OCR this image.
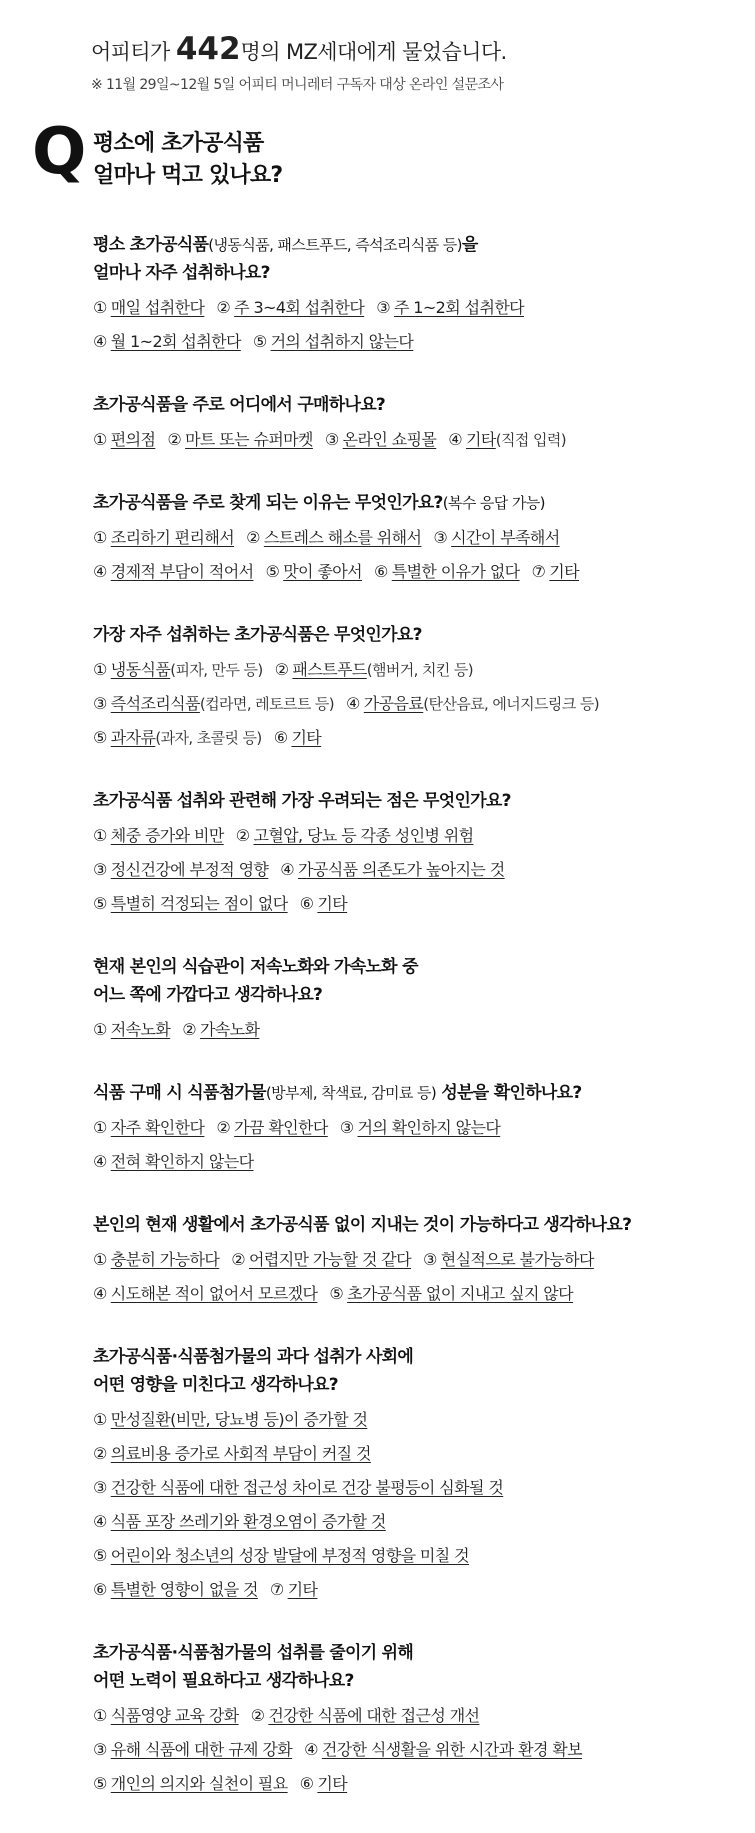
어피티가 442명의 MZ세대에게 물었습니다.
※ 11월 29일~12월 5일 어피티 머니레터 구독자 대상 온라인 설문조사
Q 평소에 초가공식품
얼마나 먹고 있나요?
평소 초가공식품(냉동식품, 패스트푸드, 즉석조리식품 등)을
얼마나 자주 섭취하나요?
① 매일 섭취한다 ② 주 3~4회 섭취한다 ③ 주 1~2회 섭취한다
④ 월 1~2회 섭취한다 ⑤ 거의 섭취하지 않는다
초가공식품을 주로 어디에서 구매하나요?
① 편의점 ② 마트 또는 슈퍼마켓 ③ 온라인 쇼핑몰 ④ 기타(직접 입력)
초가공식품을 주로 찾게 되는 이유는 무엇인가요?(복수 응답 가능)
① 조리하기 편리해서 ② 스트레스 해소를 위해서 ③ 시간이 부족해서
④ 경제적 부담이 적어서 ⑤ 맛이 좋아서 ⑥ 특별한 이유가 없다 ⑦ 기타
가장 자주 섭취하는 초가공식품은 무엇인가요?
① 냉동식품(피자, 만두 등) ② 패스트푸드(햄버거, 치킨 등)
③ 즉석조리식품(컵라면, 레토르트 등) ④ 가공음료(탄산음료, 에너지드링크 등)
⑤ 과자류(과자, 초콜릿 등) ⑥ 기타
초가공식품 섭취와 관련해 가장 우려되는 점은 무엇인가요?
① 체중 증가와 비만 ② 고혈압, 당뇨 등 각종 성인병 위험
③ 정신건강에 부정적 영향 ④ 가공식품 의존도가 높아지는 것
⑤ 특별히 걱정되는 점이 없다 ⑥ 기타
현재 본인의 식습관이 저속노화와 가속노화 중
어느 쪽에 가깝다고 생각하나요?
① 저속노화 ② 가속노화
식품 구매 시 식품첨가물(방부제, 착색료, 감미료 등) 성분을 확인하나요?
① 자주 확인한다 ② 가끔 확인한다 ③ 거의 확인하지 않는다
④ 전혀 확인하지 않는다
본인의 현재 생활에서 초가공식품 없이 지내는 것이 가능하다고 생각하나요?
① 충분히 가능하다 ② 어렵지만 가능할 것 같다 ③ 현실적으로 불가능하다
④ 시도해본 적이 없어서 모르겠다 ⑤ 초가공식품 없이 지내고 싶지 않다
초가공식품·식품첨가물의 과다 섭취가 사회에
어떤 영향을 미친다고 생각하나요?
① 만성질환(비만, 당뇨병 등)이 증가할 것
② 의료비용 증가로 사회적 부담이 커질 것
③ 건강한 식품에 대한 접근성 차이로 건강 불평등이 심화될 것
④ 식품 포장 쓰레기와 환경오염이 증가할 것
⑤ 어린이와 청소년의 성장 발달에 부정적 영향을 미칠 것
⑥ 특별한 영향이 없을 것 ⑦ 기타
초가공식품·식품첨가물의 섭취를 줄이기 위해
어떤 노력이 필요하다고 생각하나요?
① 식품영양 교육 강화 ② 건강한 식품에 대한 접근성 개선
③ 유해 식품에 대한 규제 강화 ④ 건강한 식생활을 위한 시간과 환경 확보
⑤ 개인의 의지와 실천이 필요 ⑥ 기타
